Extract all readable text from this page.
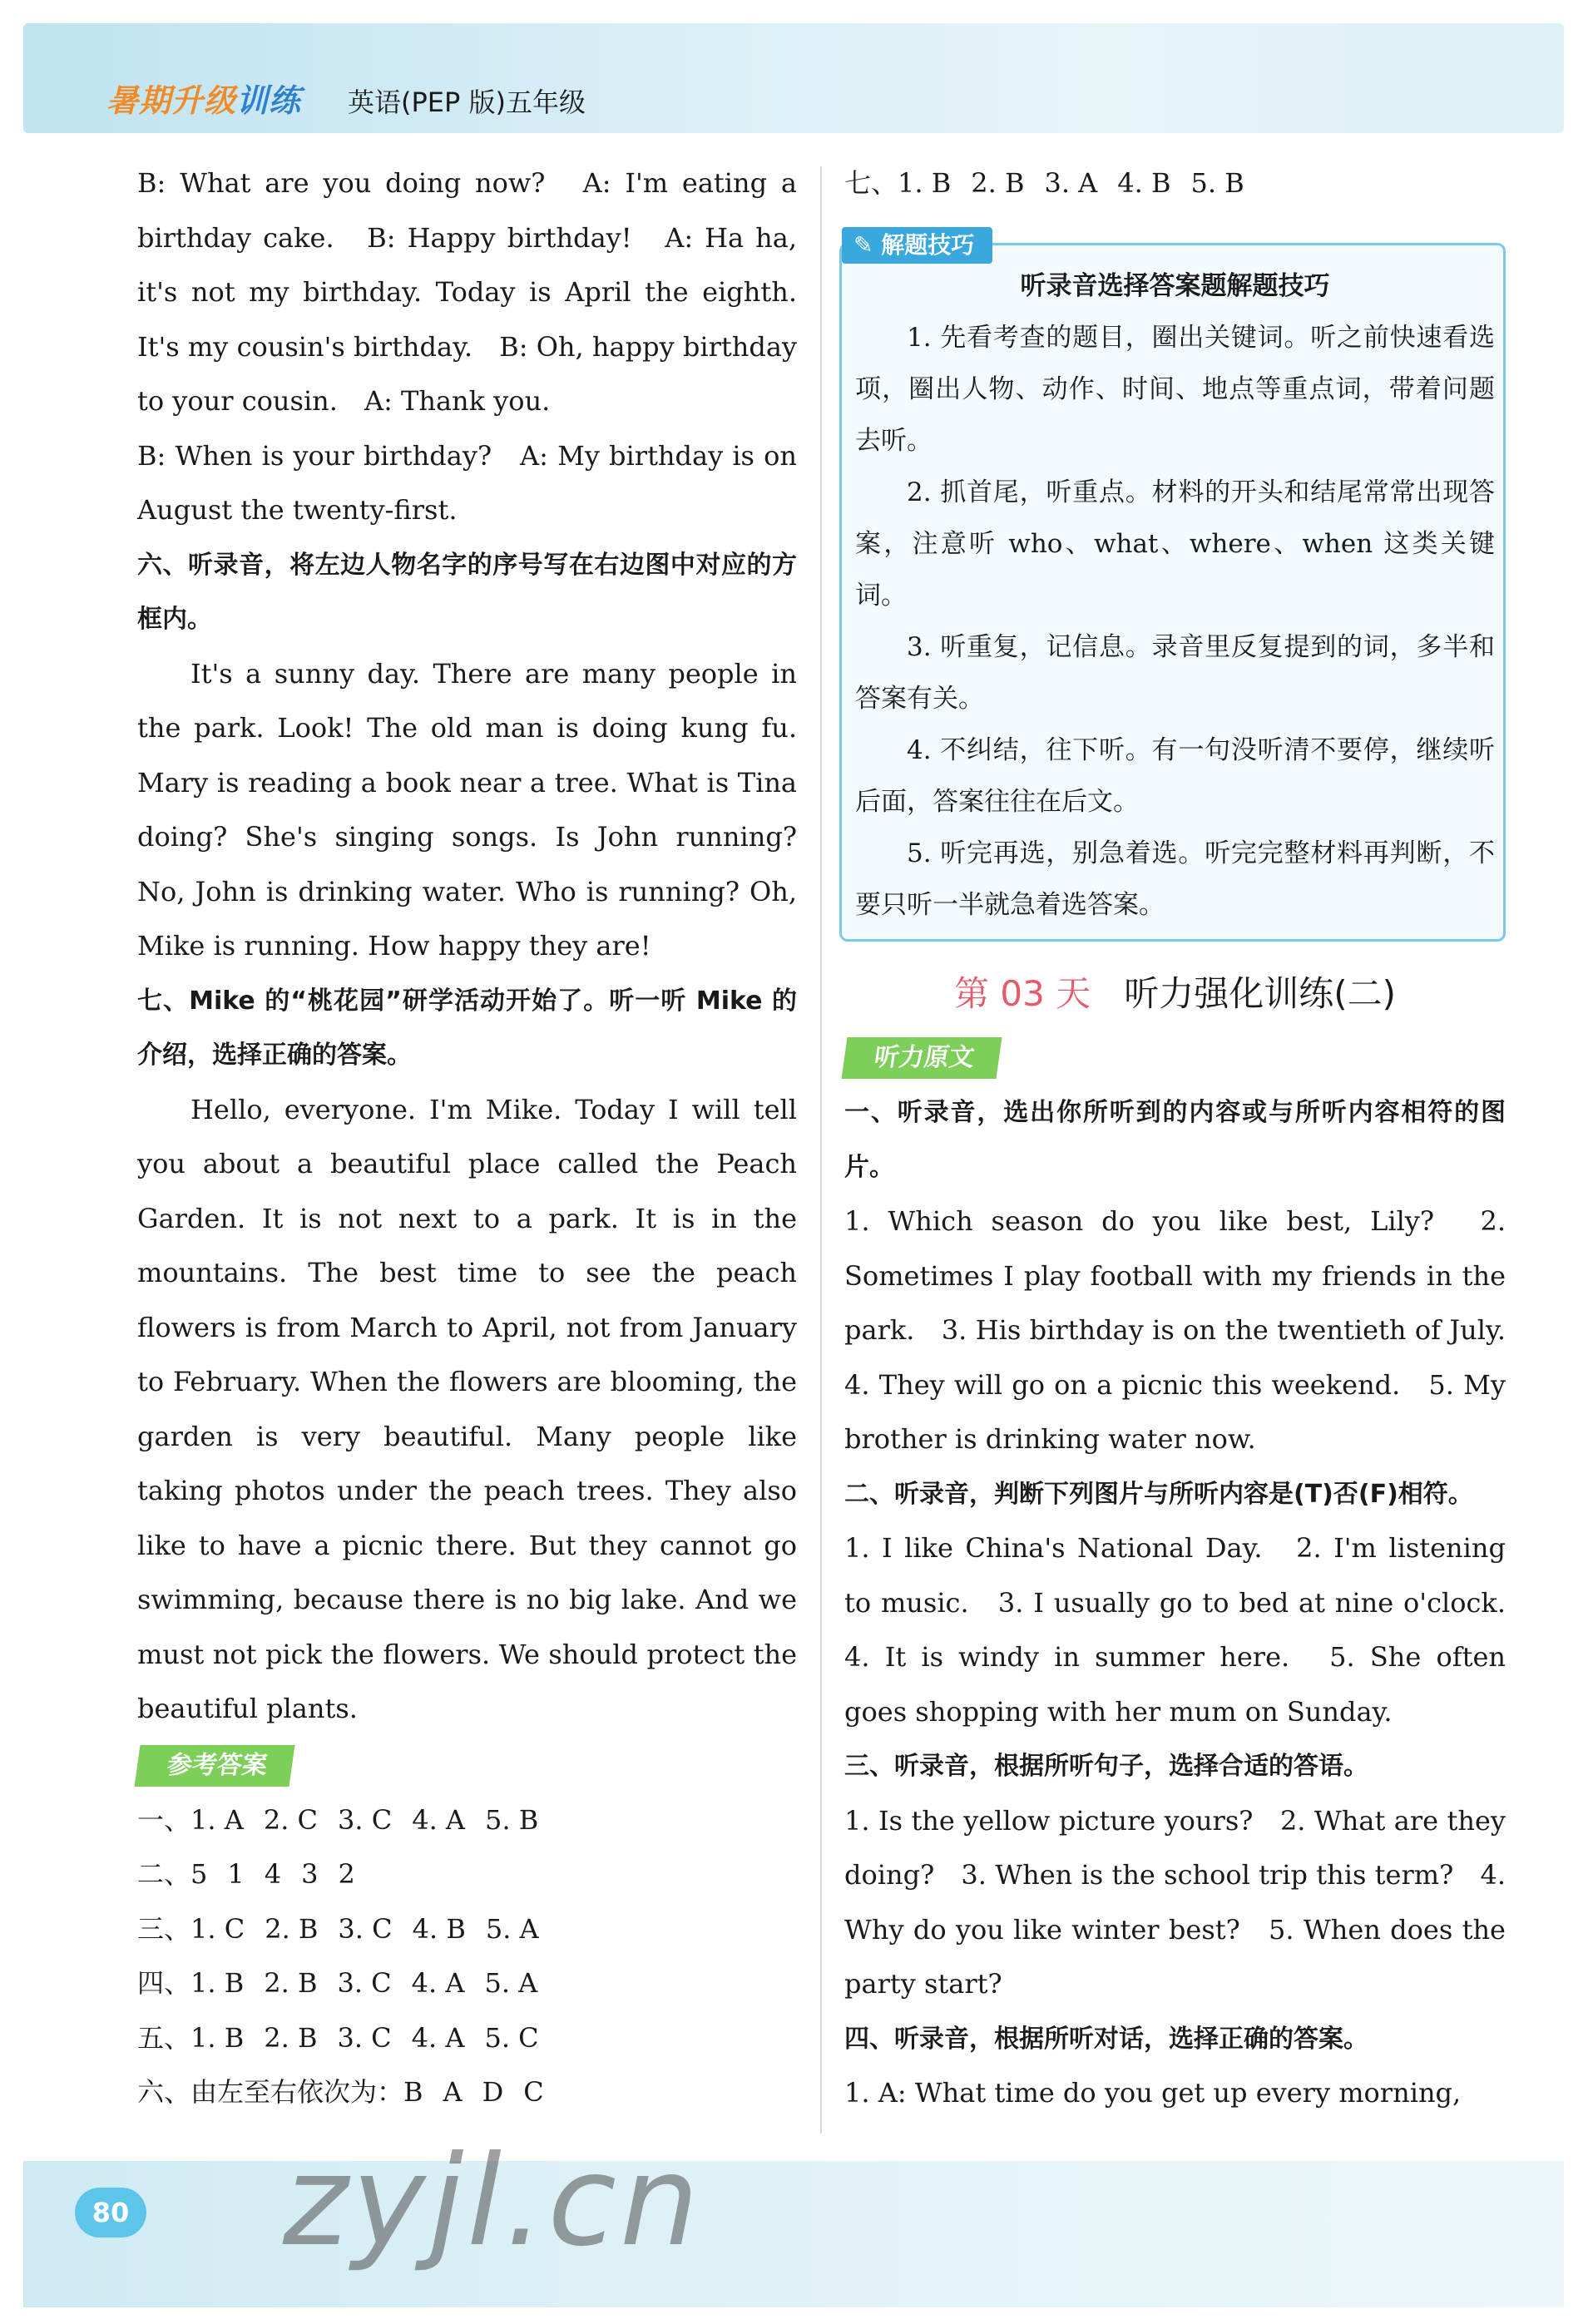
暑期升级训练 英语(PEP 版)五年级

B: What are you doing now?　A: I'm eating a birthday cake.　B: Happy birthday!　A: Ha ha, it's not my birthday. Today is April the eighth. It's my cousin's birthday.　B: Oh, happy birthday to your cousin.　A: Thank you.

B: When is your birthday?　A: My birthday is on August the twenty-first.

六、听录音，将左边人物名字的序号写在右边图中对应的方框内。

It's a sunny day. There are many people in the park. Look! The old man is doing kung fu. Mary is reading a book near a tree. What is Tina doing? She's singing songs. Is John running? No, John is drinking water. Who is running? Oh, Mike is running. How happy they are!

七、Mike 的“桃花园”研学活动开始了。听一听 Mike 的介绍，选择正确的答案。

Hello, everyone. I'm Mike. Today I will tell you about a beautiful place called the Peach Garden. It is not next to a park. It is in the mountains. The best time to see the peach flowers is from March to April, not from January to February. When the flowers are blooming, the garden is very beautiful. Many people like taking photos under the peach trees. They also like to have a picnic there. But they cannot go swimming, because there is no big lake. And we must not pick the flowers. We should protect the beautiful plants.

参考答案

一、1. A 2. C 3. C 4. A 5. B

二、5 1 4 3 2

三、1. C 2. B 3. C 4. B 5. A

四、1. B 2. B 3. C 4. A 5. A

五、1. B 2. B 3. C 4. A 5. C

六、由左至右依次为：B A D C

七、1. B 2. B 3. A 4. B 5. B

✎ 解题技巧

听录音选择答案题解题技巧

1. 先看考查的题目，圈出关键词。听之前快速看选项，圈出人物、动作、时间、地点等重点词，带着问题去听。

2. 抓首尾，听重点。材料的开头和结尾常常出现答案，注意听 who、what、where、when 这类关键词。

3. 听重复，记信息。录音里反复提到的词，多半和答案有关。

4. 不纠结，往下听。有一句没听清不要停，继续听后面，答案往往在后文。

5. 听完再选，别急着选。听完完整材料再判断，不要只听一半就急着选答案。

第 03 天 听力强化训练(二)
听力原文

一、听录音，选出你所听到的内容或与所听内容相符的图片。

1. Which season do you like best, Lily?　2. Sometimes I play football with my friends in the park.　3. His birthday is on the twentieth of July.　4. They will go on a picnic this weekend.　5. My brother is drinking water now.

二、听录音，判断下列图片与所听内容是(T)否(F)相符。

1. I like China's National Day.　2. I'm listening to music.　3. I usually go to bed at nine o'clock.　4. It is windy in summer here.　5. She often goes shopping with her mum on Sunday.

三、听录音，根据所听句子，选择合适的答语。

1. Is the yellow picture yours?　2. What are they doing?　3. When is the school trip this term?　4. Why do you like winter best?　5. When does the party start?

四、听录音，根据所听对话，选择正确的答案。

1. A: What time do you get up every morning,

80 zyjl.cn
